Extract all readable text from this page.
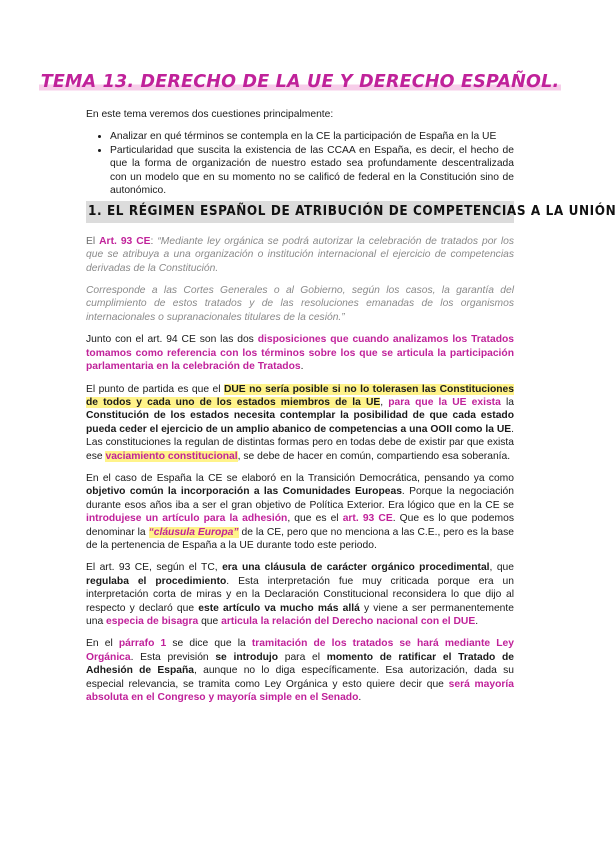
TEMA 13. DERECHO DE LA UE Y DERECHO ESPAÑOL.

En este tema veremos dos cuestiones principalmente:

• Analizar en qué términos se contempla en la CE la participación de España en la UE
• Particularidad que suscita la existencia de las CCAA en España, es decir, el hecho de que la forma de organización de nuestro estado sea profundamente descentralizada con un modelo que en su momento no se calificó de federal en la Constitución sino de autonómico.
1. EL RÉGIMEN ESPAÑOL DE ATRIBUCIÓN DE COMPETENCIAS A LA UNIÓN

El Art. 93 CE: “Mediante ley orgánica se podrá autorizar la celebración de tratados por los que se atribuya a una organización o institución internacional el ejercicio de competencias derivadas de la Constitución.

Corresponde a las Cortes Generales o al Gobierno, según los casos, la garantía del cumplimiento de estos tratados y de las resoluciones emanadas de los organismos internacionales o supranacionales titulares de la cesión.”

Junto con el art. 94 CE son las dos disposiciones que cuando analizamos los Tratados tomamos como referencia con los términos sobre los que se articula la participación parlamentaria en la celebración de Tratados.

El punto de partida es que el DUE no sería posible si no lo tolerasen las Constituciones de todos y cada uno de los estados miembros de la UE, para que la UE exista la Constitución de los estados necesita contemplar la posibilidad de que cada estado pueda ceder el ejercicio de un amplio abanico de competencias a una OOII como la UE. Las constituciones la regulan de distintas formas pero en todas debe de existir par que exista ese vaciamiento constitucional, se debe de hacer en común, compartiendo esa soberanía.

En el caso de España la CE se elaboró en la Transición Democrática, pensando ya como objetivo común la incorporación a las Comunidades Europeas. Porque la negociación durante esos años iba a ser el gran objetivo de Política Exterior. Era lógico que en la CE se introdujese un artículo para la adhesión, que es el art. 93 CE. Que es lo que podemos denominar la “cláusula Europa” de la CE, pero que no menciona a las C.E., pero es la base de la pertenencia de España a la UE durante todo este periodo.

El art. 93 CE, según el TC, era una cláusula de carácter orgánico procedimental, que regulaba el procedimiento. Esta interpretación fue muy criticada porque era un interpretación corta de miras y en la Declaración Constitucional reconsidera lo que dijo al respecto y declaró que este artículo va mucho más allá y viene a ser permanentemente una especia de bisagra que articula la relación del Derecho nacional con el DUE.

En el párrafo 1 se dice que la tramitación de los tratados se hará mediante Ley Orgánica. Esta previsión se introdujo para el momento de ratificar el Tratado de Adhesión de España, aunque no lo diga específicamente. Esa autorización, dada su especial relevancia, se tramita como Ley Orgánica y esto quiere decir que será mayoría absoluta en el Congreso y mayoría simple en el Senado.
